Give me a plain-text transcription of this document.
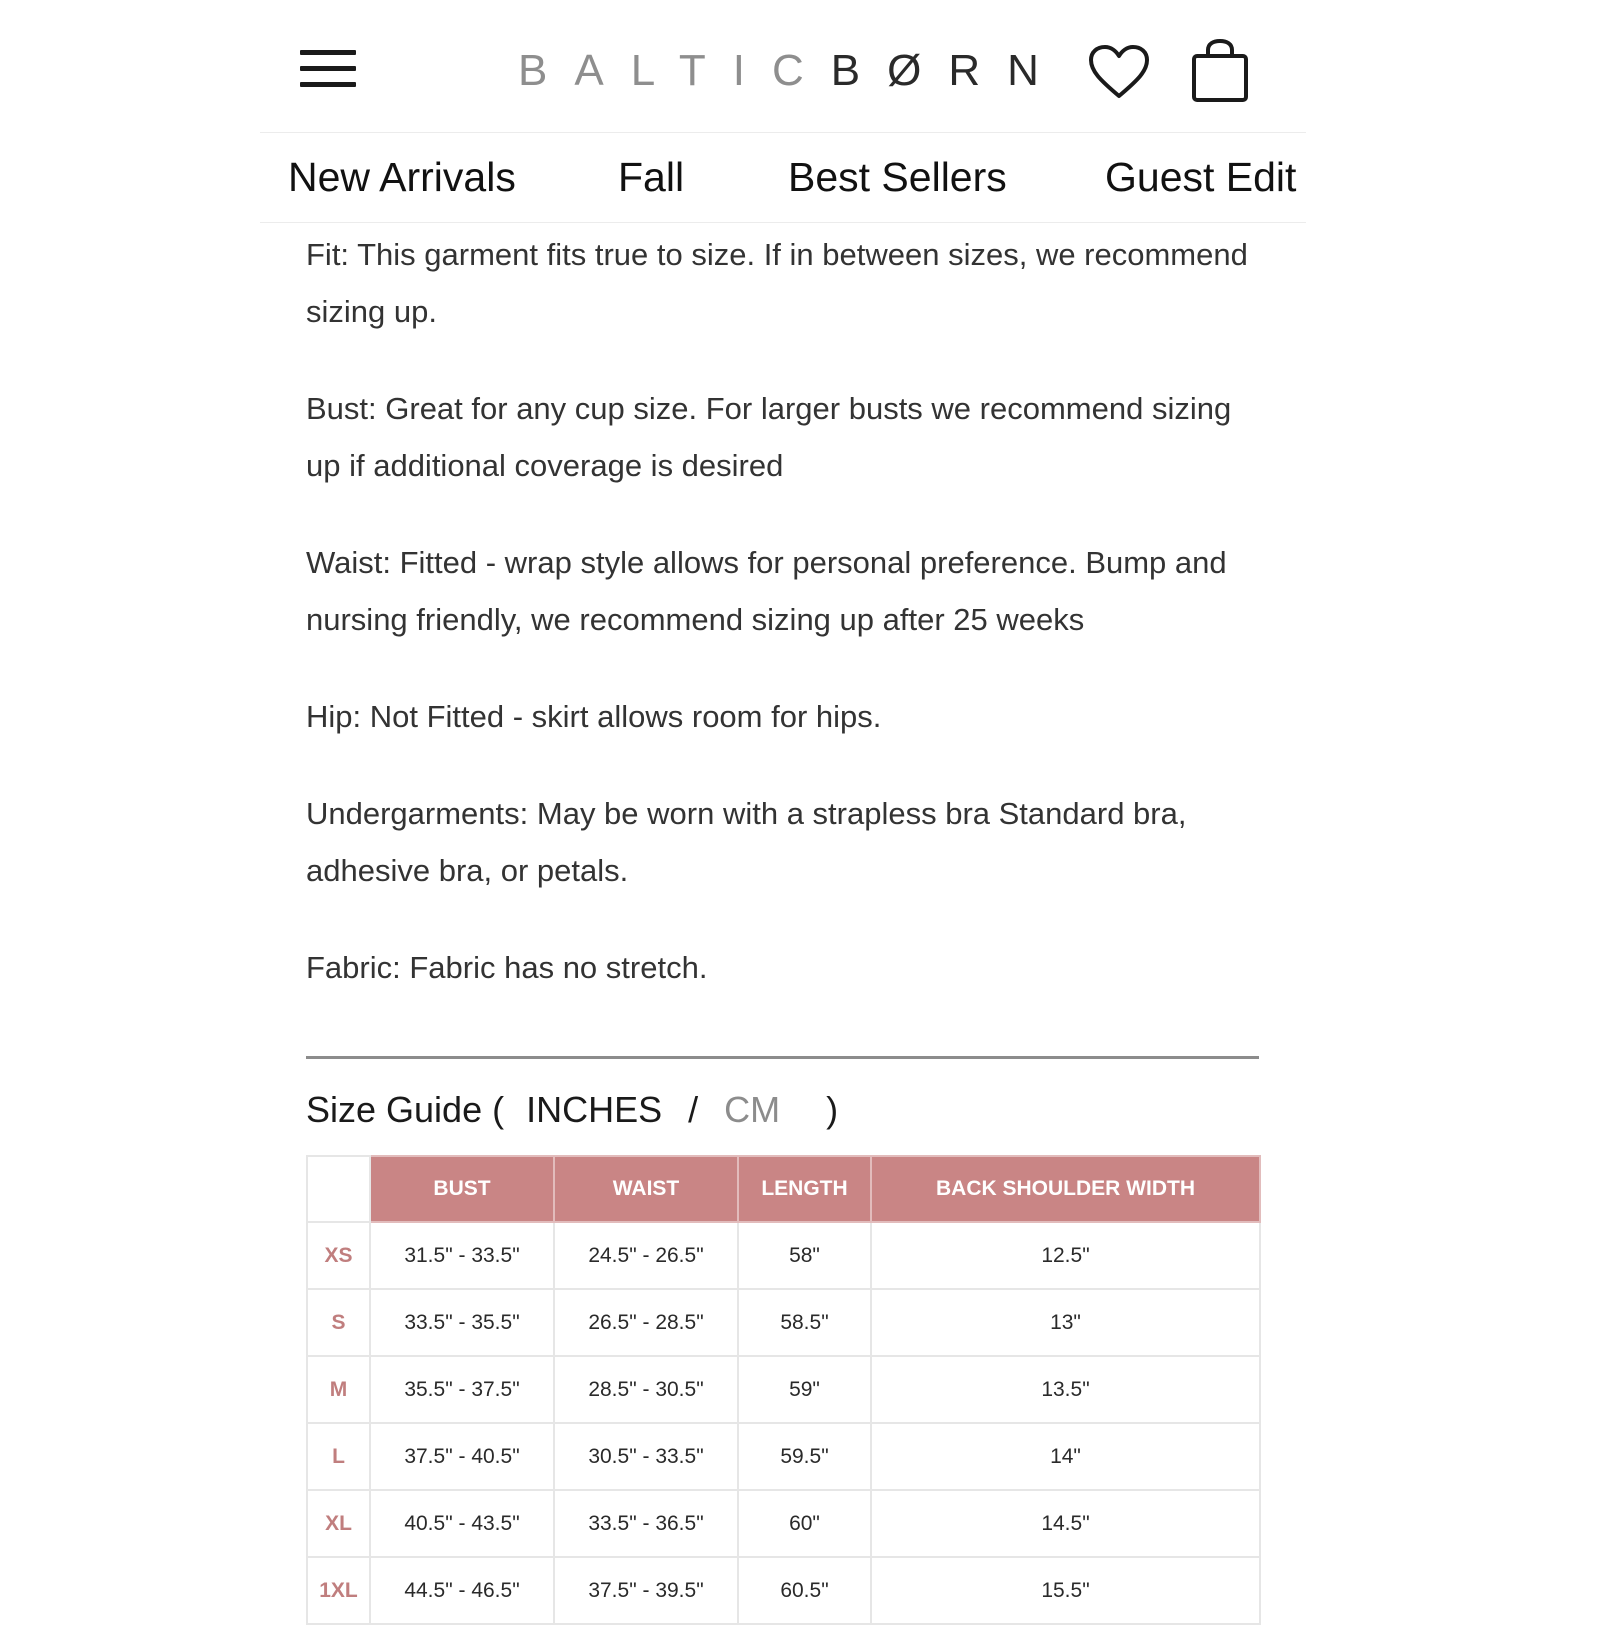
BALTICBØRN
New Arrivals Fall	Best Sellers Guest Edit

Fit: This garment fits true to size. If in between sizes, we recommend sizing up.

Bust: Great for any cup size. For larger busts we recommend sizing up if additional coverage is desired

Waist: Fitted - wrap style allows for personal preference. Bump and nursing friendly, we recommend sizing up after 25 weeks

Hip: Not Fitted - skirt allows room for hips.

Undergarments: May be worn with a strapless bra Standard bra, adhesive bra, or petals.

Fabric: Fabric has no stretch.

Size Guide ( INCHES / CM )
	BUST	WAIST	LENGTH	BACK SHOULDER WIDTH
XS	31.5" - 33.5"	24.5" - 26.5"	58"	12.5"
S	33.5" - 35.5"	26.5" - 28.5"	58.5"	13"
M	35.5" - 37.5"	28.5" - 30.5"	59"	13.5"
L	37.5" - 40.5"	30.5" - 33.5"	59.5"	14"
XL	40.5" - 43.5"	33.5" - 36.5"	60"	14.5"
1XL	44.5" - 46.5"	37.5" - 39.5"	60.5"	15.5"
